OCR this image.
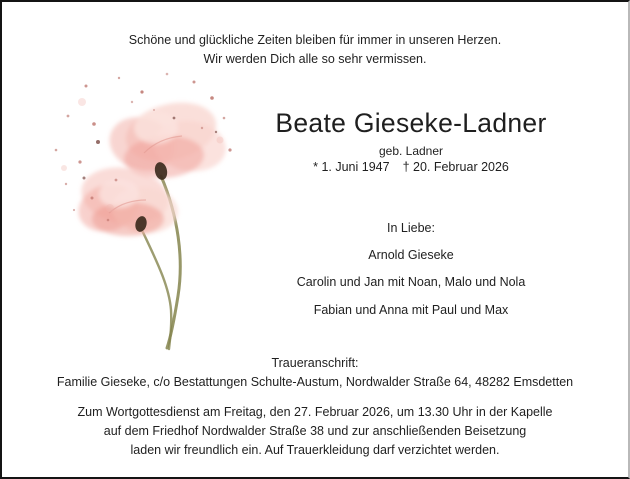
Schöne und glückliche Zeiten bleiben für immer in unseren Herzen.
Wir werden Dich alle so sehr vermissen.
Beate Gieseke-Ladner
geb. Ladner
* 1. Juni 1947 † 20. Februar 2026
In Liebe:
Arnold Gieseke
Carolin und Jan mit Noan, Malo und Nola
Fabian und Anna mit Paul und Max
Traueranschrift:
Familie Gieseke, c/o Bestattungen Schulte-Austum, Nordwalder Straße 64, 48282 Emsdetten
Zum Wortgottesdienst am Freitag, den 27. Februar 2026, um 13.30 Uhr in der Kapelle
auf dem Friedhof Nordwalder Straße 38 und zur anschließenden Beisetzung
laden wir freundlich ein. Auf Trauerkleidung darf verzichtet werden.
